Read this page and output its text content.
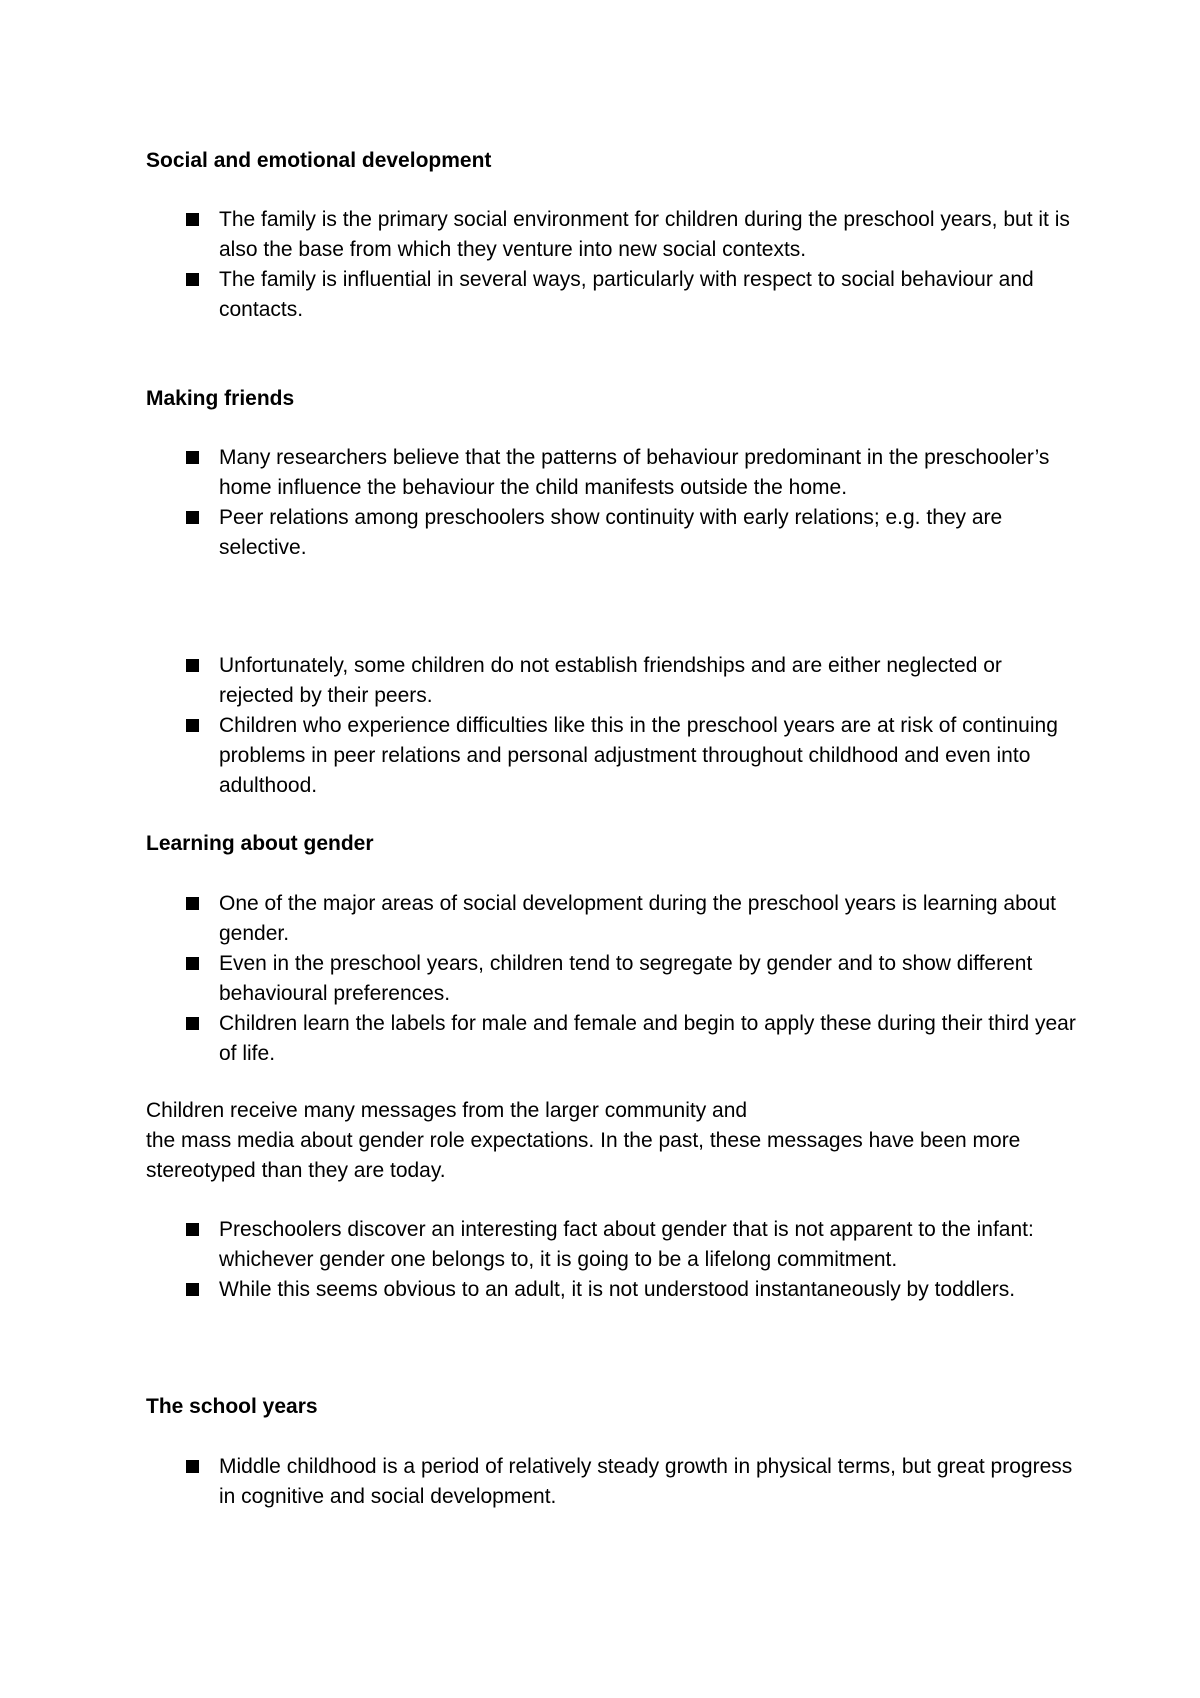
Social and emotional development
The family is the primary social environment for children during the preschool years, but it is also the base from which they venture into new social contexts.
The family is influential in several ways, particularly with respect to social behaviour and contacts.
Making friends
Many researchers believe that the patterns of behaviour predominant in the preschooler’s home influence the behaviour the child manifests outside the home.
Peer relations among preschoolers show continuity with early relations; e.g. they are selective.
Unfortunately, some children do not establish friendships and are either neglected or rejected by their peers.
Children who experience difficulties like this in the preschool years are at risk of continuing problems in peer relations and personal adjustment throughout childhood and even into adulthood.
Learning about gender
One of the major areas of social development during the preschool years is learning about gender.
Even in the preschool years, children tend to segregate by gender and to show different behavioural preferences.
Children learn the labels for male and female and begin to apply these during their third year of life.
Children receive many messages from the larger community and
the mass media about gender role expectations. In the past, these messages have been more stereotyped than they are today.
Preschoolers discover an interesting fact about gender that is not apparent to the infant: whichever gender one belongs to, it is going to be a lifelong commitment.
While this seems obvious to an adult, it is not understood instantaneously by toddlers.
The school years
Middle childhood is a period of relatively steady growth in physical terms, but great progress in cognitive and social development.
